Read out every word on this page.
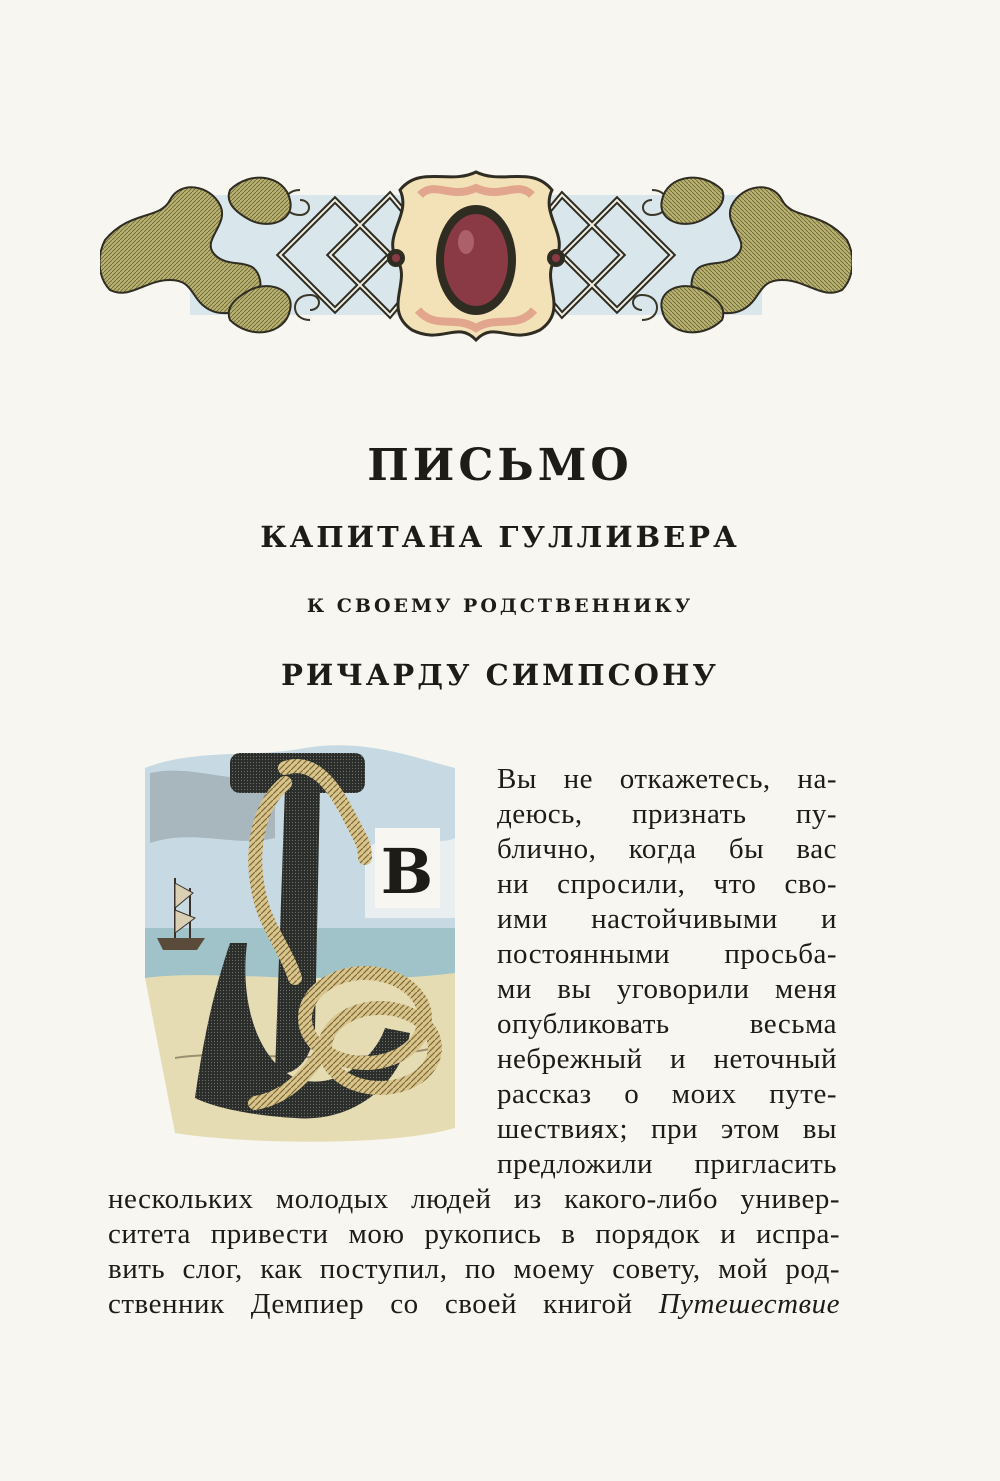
ПИСЬМО
КАПИТАНА ГУЛЛИВЕРА
К СВОЕМУ РОДСТВЕННИКУ
РИЧАРДУ СИМПСОНУ
В
Вы не откажетесь, на-
деюсь, признать пу-
блично, когда бы вас
ни спросили, что сво-
ими настойчивыми и
постоянными просьба-
ми вы уговорили меня
опубликовать весьма
небрежный и неточный
рассказ о моих путе-
шествиях; при этом вы
предложили пригласить
нескольких молодых людей из какого-либо универ-
ситета привести мою рукопись в порядок и испра-
вить слог, как поступил, по моему совету, мой род-
ственник Демпиер со своей книгой Путешествие
